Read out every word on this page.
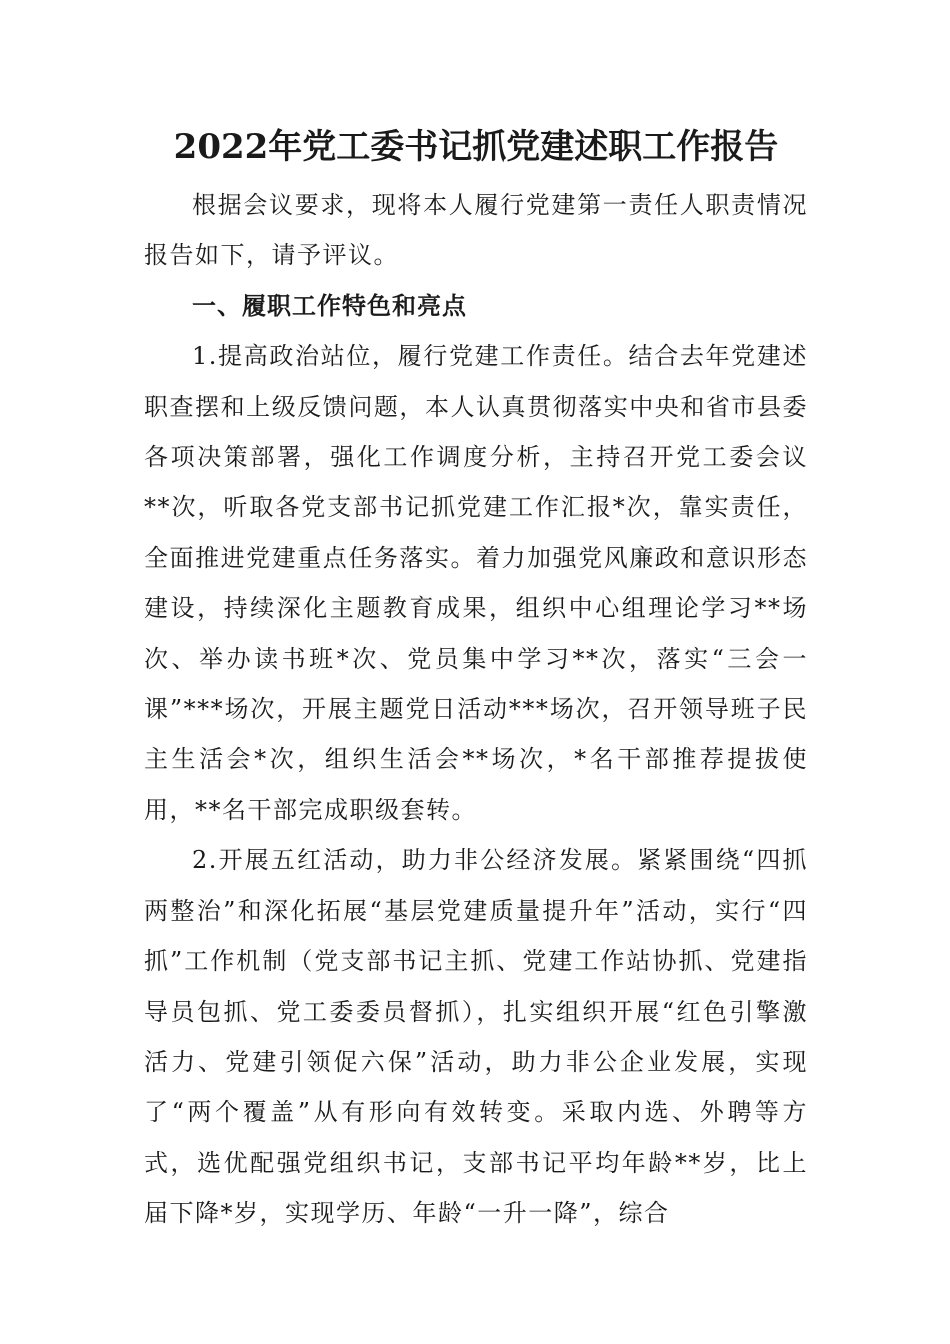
2022年党工委书记抓党建述职工作报告

根据会议要求，现将本人履行党建第一责任人职责情况报告如下，请予评议。

一、履职工作特色和亮点

1.提高政治站位，履行党建工作责任。结合去年党建述职查摆和上级反馈问题，本人认真贯彻落实中央和省市县委各项决策部署，强化工作调度分析，主持召开党工委会议**次，听取各党支部书记抓党建工作汇报*次，靠实责任，全面推进党建重点任务落实。着力加强党风廉政和意识形态建设，持续深化主题教育成果，组织中心组理论学习**场次、举办读书班*次、党员集中学习**次，落实“三会一课”***场次，开展主题党日活动***场次，召开领导班子民主生活会*次，组织生活会**场次，*名干部推荐提拔使用，**名干部完成职级套转。

2.开展五红活动，助力非公经济发展。紧紧围绕“四抓两整治”和深化拓展“基层党建质量提升年”活动，实行“四抓”工作机制（党支部书记主抓、党建工作站协抓、党建指导员包抓、党工委委员督抓），扎实组织开展“红色引擎激活力、党建引领促六保”活动，助力非公企业发展，实现了“两个覆盖”从有形向有效转变。采取内选、外聘等方式，选优配强党组织书记，支部书记平均年龄**岁，比上届下降*岁，实现学历、年龄“一升一降”，综合
